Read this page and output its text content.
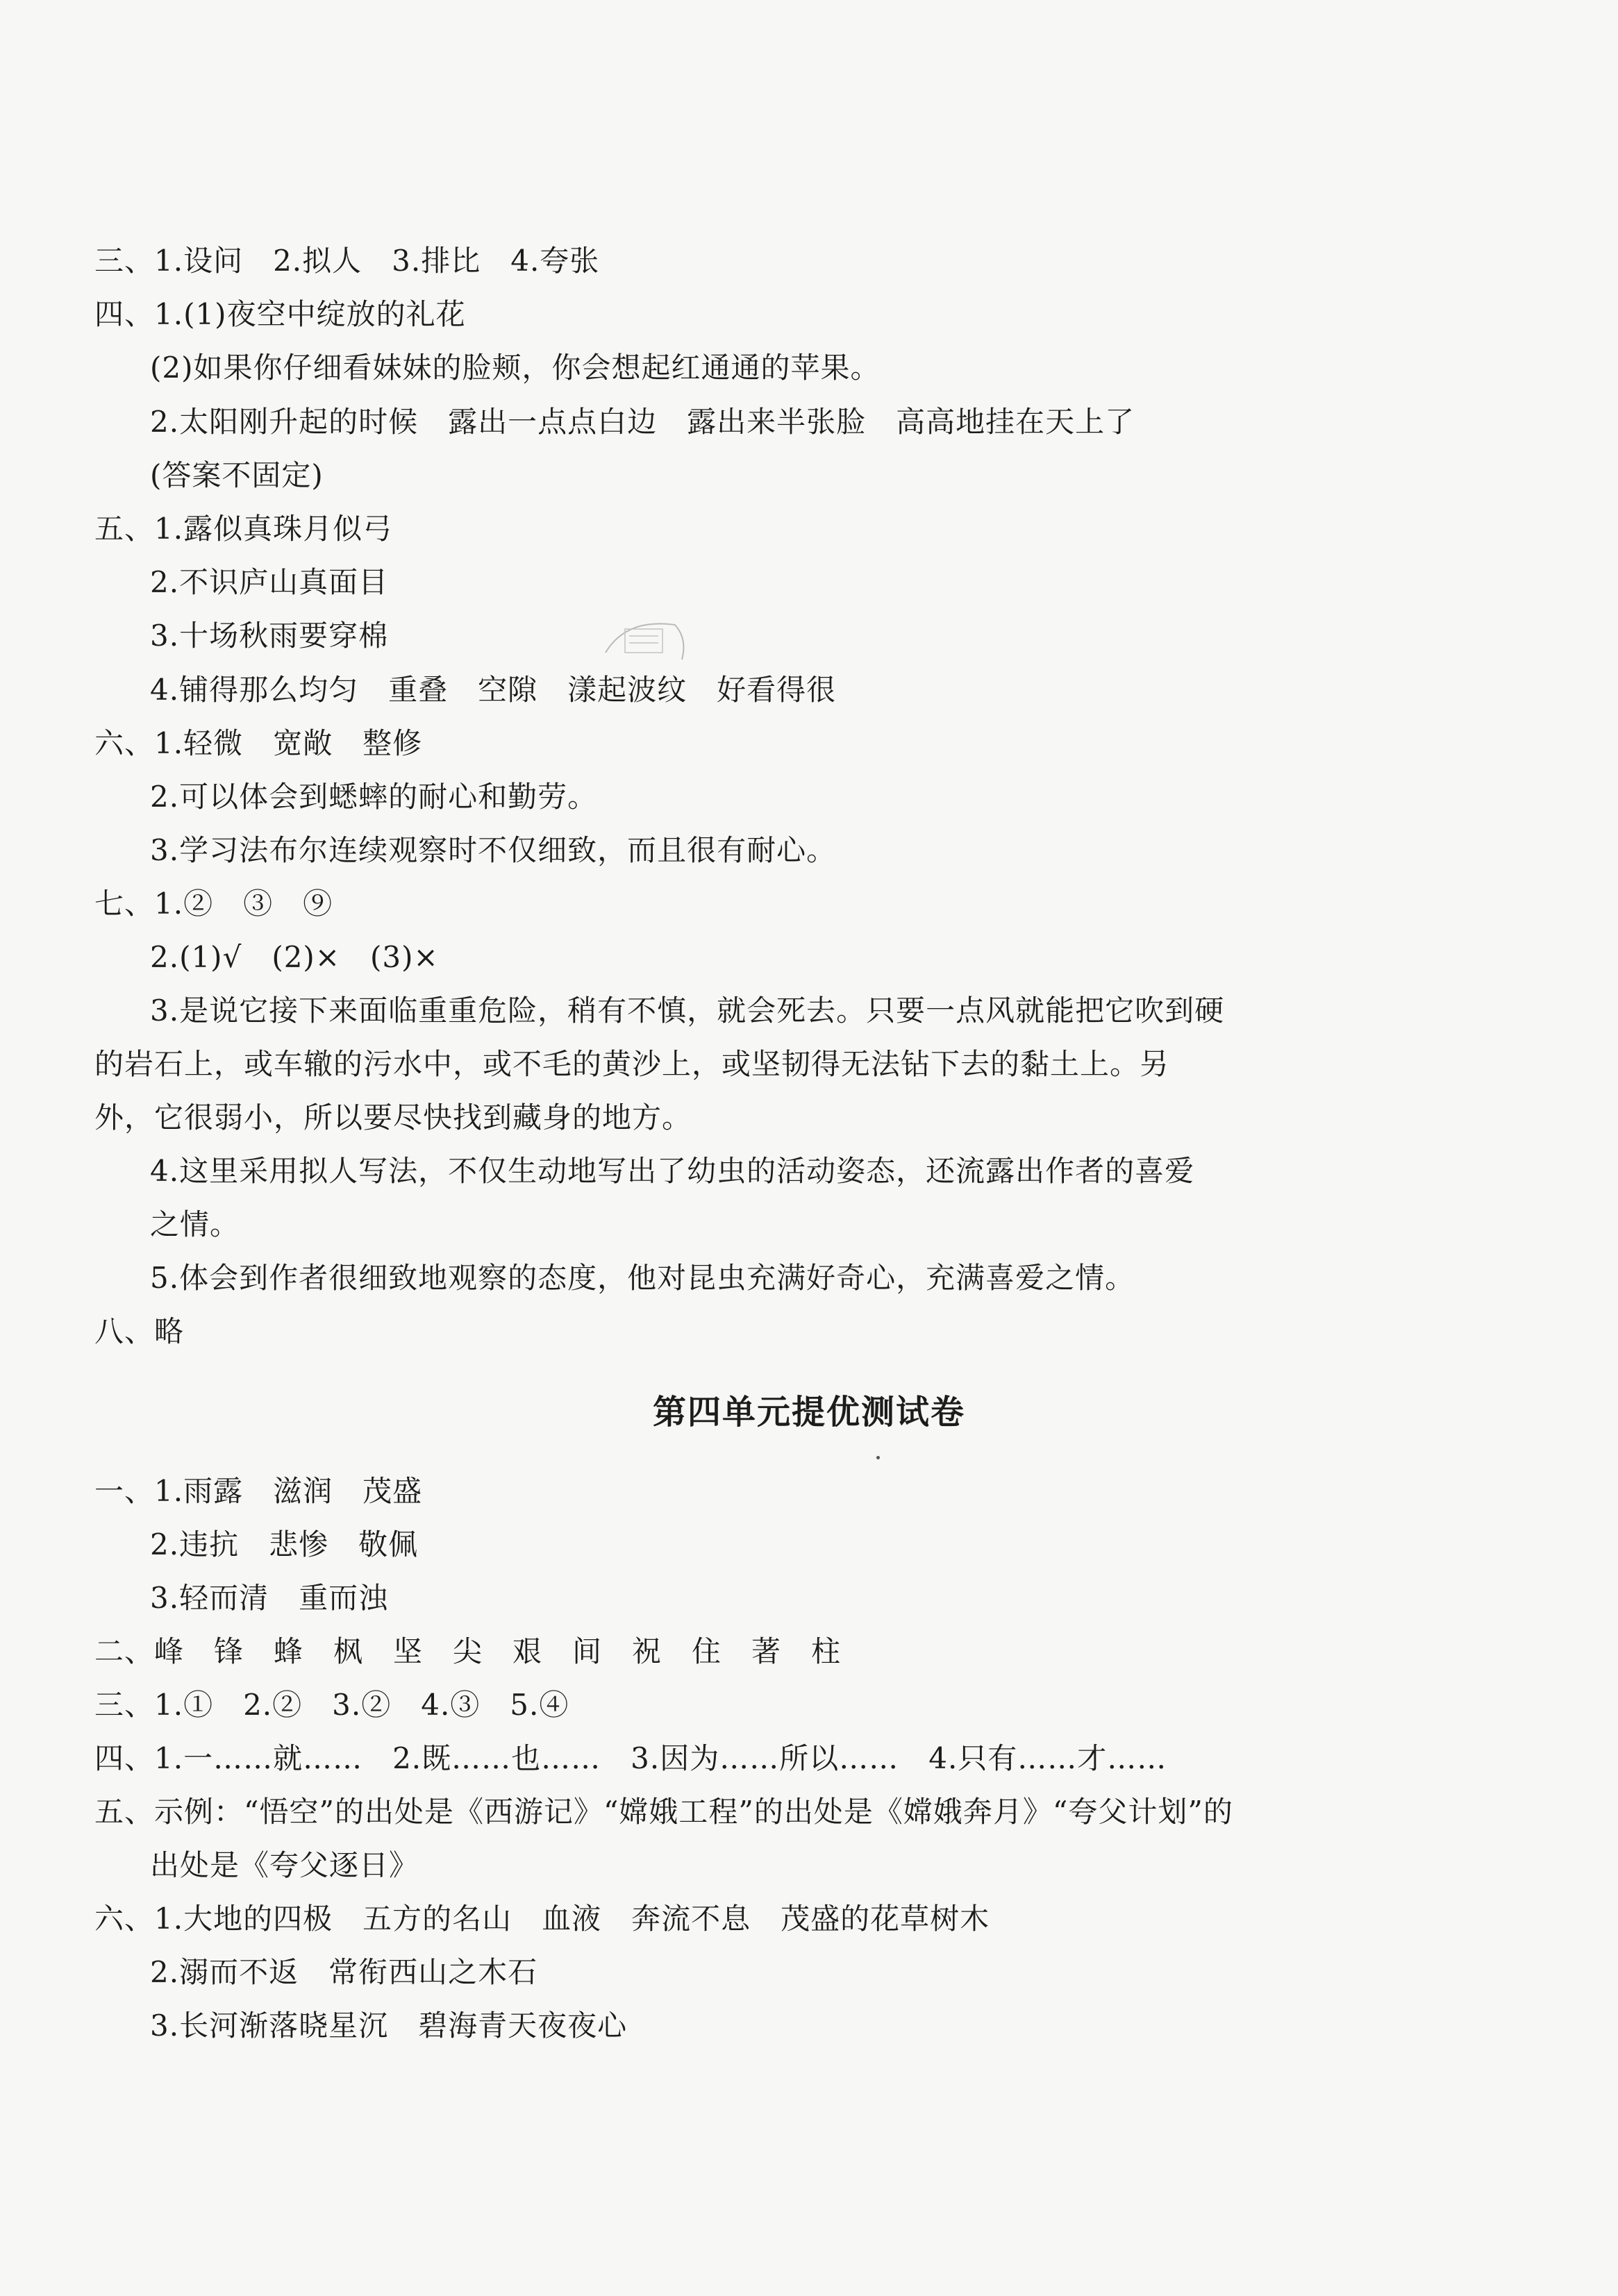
三、1.设问　2.拟人　3.排比　4.夸张
四、1.(1)夜空中绽放的礼花
(2)如果你仔细看妹妹的脸颊，你会想起红通通的苹果。
2.太阳刚升起的时候　露出一点点白边　露出来半张脸　高高地挂在天上了
(答案不固定)
五、1.露似真珠月似弓
2.不识庐山真面目
3.十场秋雨要穿棉
4.铺得那么均匀　重叠　空隙　漾起波纹　好看得很
六、1.轻微　宽敞　整修
2.可以体会到蟋蟀的耐心和勤劳。
3.学习法布尔连续观察时不仅细致，而且很有耐心。
七、1.②　③　⑨
2.(1)√　(2)×　(3)×
3.是说它接下来面临重重危险，稍有不慎，就会死去。只要一点风就能把它吹到硬
的岩石上，或车辙的污水中，或不毛的黄沙上，或坚韧得无法钻下去的黏土上。另
外，它很弱小，所以要尽快找到藏身的地方。
4.这里采用拟人写法，不仅生动地写出了幼虫的活动姿态，还流露出作者的喜爱
之情。
5.体会到作者很细致地观察的态度，他对昆虫充满好奇心，充满喜爱之情。
八、略
第四单元提优测试卷
一、1.雨露　滋润　茂盛
2.违抗　悲惨　敬佩
3.轻而清　重而浊
二、峰　锋　蜂　枫　坚　尖　艰　间　祝　住　著　柱
三、1.①　2.②　3.②　4.③　5.④
四、1.一……就……　2.既……也……　3.因为……所以……　4.只有……才……
五、示例：“悟空”的出处是《西游记》“嫦娥工程”的出处是《嫦娥奔月》“夸父计划”的
出处是《夸父逐日》
六、1.大地的四极　五方的名山　血液　奔流不息　茂盛的花草树木
2.溺而不返　常衔西山之木石
3.长河渐落晓星沉　碧海青天夜夜心
